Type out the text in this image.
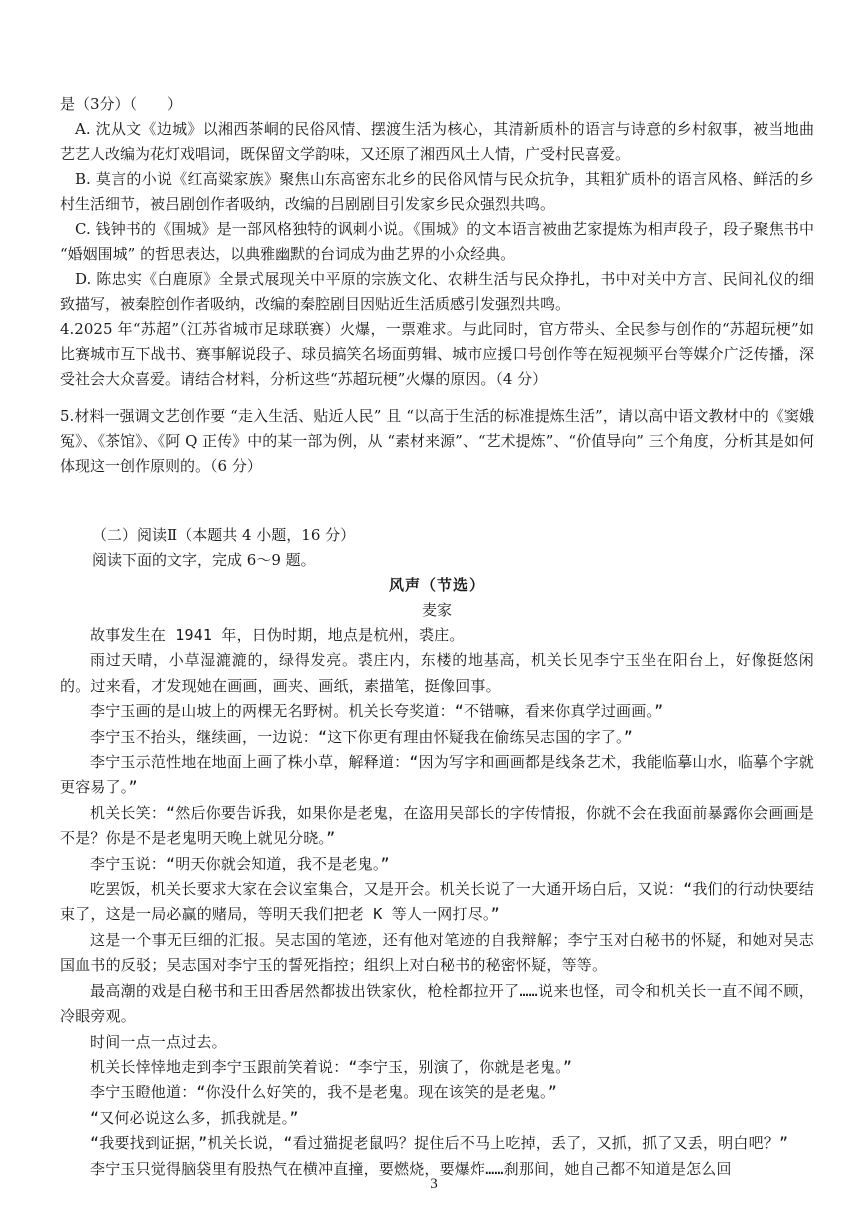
是（3分）（　　）

A. 沈从文《边城》以湘西茶峒的民俗风情、摆渡生活为核心，其清新质朴的语言与诗意的乡村叙事，被当地曲艺艺人改编为花灯戏唱词，既保留文学韵味，又还原了湘西风土人情，广受村民喜爱。

B. 莫言的小说《红高粱家族》聚焦山东高密东北乡的民俗风情与民众抗争，其粗犷质朴的语言风格、鲜活的乡村生活细节，被吕剧创作者吸纳，改编的吕剧剧目引发家乡民众强烈共鸣。

C. 钱钟书的《围城》是一部风格独特的讽刺小说。《围城》的文本语言被曲艺家提炼为相声段子，段子聚焦书中 “婚姻围城” 的哲思表达，以典雅幽默的台词成为曲艺界的小众经典。

D. 陈忠实《白鹿原》全景式展现关中平原的宗族文化、农耕生活与民众挣扎，书中对关中方言、民间礼仪的细致描写，被秦腔创作者吸纳，改编的秦腔剧目因贴近生活质感引发强烈共鸣。

4.2025 年“苏超”（江苏省城市足球联赛）火爆，一票难求。与此同时，官方带头、全民参与创作的“苏超玩梗”如比赛城市互下战书、赛事解说段子、球员搞笑名场面剪辑、城市应援口号创作等在短视频平台等媒介广泛传播，深受社会大众喜爱。请结合材料，分析这些“苏超玩梗”火爆的原因。（4 分）

5.材料一强调文艺创作要 “走入生活、贴近人民” 且 “以高于生活的标准提炼生活”，请以高中语文教材中的《窦娥冤》、《茶馆》、《阿 Q 正传》中的某一部为例，从 “素材来源”、“艺术提炼”、“价值导向” 三个角度，分析其是如何体现这一创作原则的。（6 分）

（二）阅读Ⅱ（本题共 4 小题，16 分）

阅读下面的文字，完成 6～9 题。

风声（节选）

麦家

故事发生在 1941 年，日伪时期，地点是杭州，裘庄。

雨过天晴，小草湿漉漉的，绿得发亮。裘庄内，东楼的地基高，机关长见李宁玉坐在阳台上，好像挺悠闲的。过来看，才发现她在画画，画夹、画纸，素描笔，挺像回事。

李宁玉画的是山坡上的两棵无名野树。机关长夸奖道：“不错嘛，看来你真学过画画。”

李宁玉不抬头，继续画，一边说：“这下你更有理由怀疑我在偷练吴志国的字了。”

李宁玉示范性地在地面上画了株小草，解释道：“因为写字和画画都是线条艺术，我能临摹山水，临摹个字就更容易了。”

机关长笑：“然后你要告诉我，如果你是老鬼，在盗用吴部长的字传情报，你就不会在我面前暴露你会画画是不是？你是不是老鬼明天晚上就见分晓。”

李宁玉说：“明天你就会知道，我不是老鬼。”

吃罢饭，机关长要求大家在会议室集合，又是开会。机关长说了一大通开场白后，又说：“我们的行动快要结束了，这是一局必赢的赌局，等明天我们把老 K 等人一网打尽。”

这是一个事无巨细的汇报。吴志国的笔迹，还有他对笔迹的自我辩解；李宁玉对白秘书的怀疑，和她对吴志国血书的反驳；吴志国对李宁玉的誓死指控；组织上对白秘书的秘密怀疑，等等。

最高潮的戏是白秘书和王田香居然都拔出铁家伙，枪栓都拉开了……说来也怪，司令和机关长一直不闻不顾，冷眼旁观。

时间一点一点过去。

机关长悻悻地走到李宁玉跟前笑着说：“李宁玉，别演了，你就是老鬼。”

李宁玉瞪他道：“你没什么好笑的，我不是老鬼。现在该笑的是老鬼。”

“又何必说这么多，抓我就是。”

“我要找到证据，”机关长说，“看过猫捉老鼠吗？捉住后不马上吃掉，丢了，又抓，抓了又丢，明白吧？”

李宁玉只觉得脑袋里有股热气在横冲直撞，要燃烧，要爆炸……刹那间，她自己都不知道是怎么回

3
